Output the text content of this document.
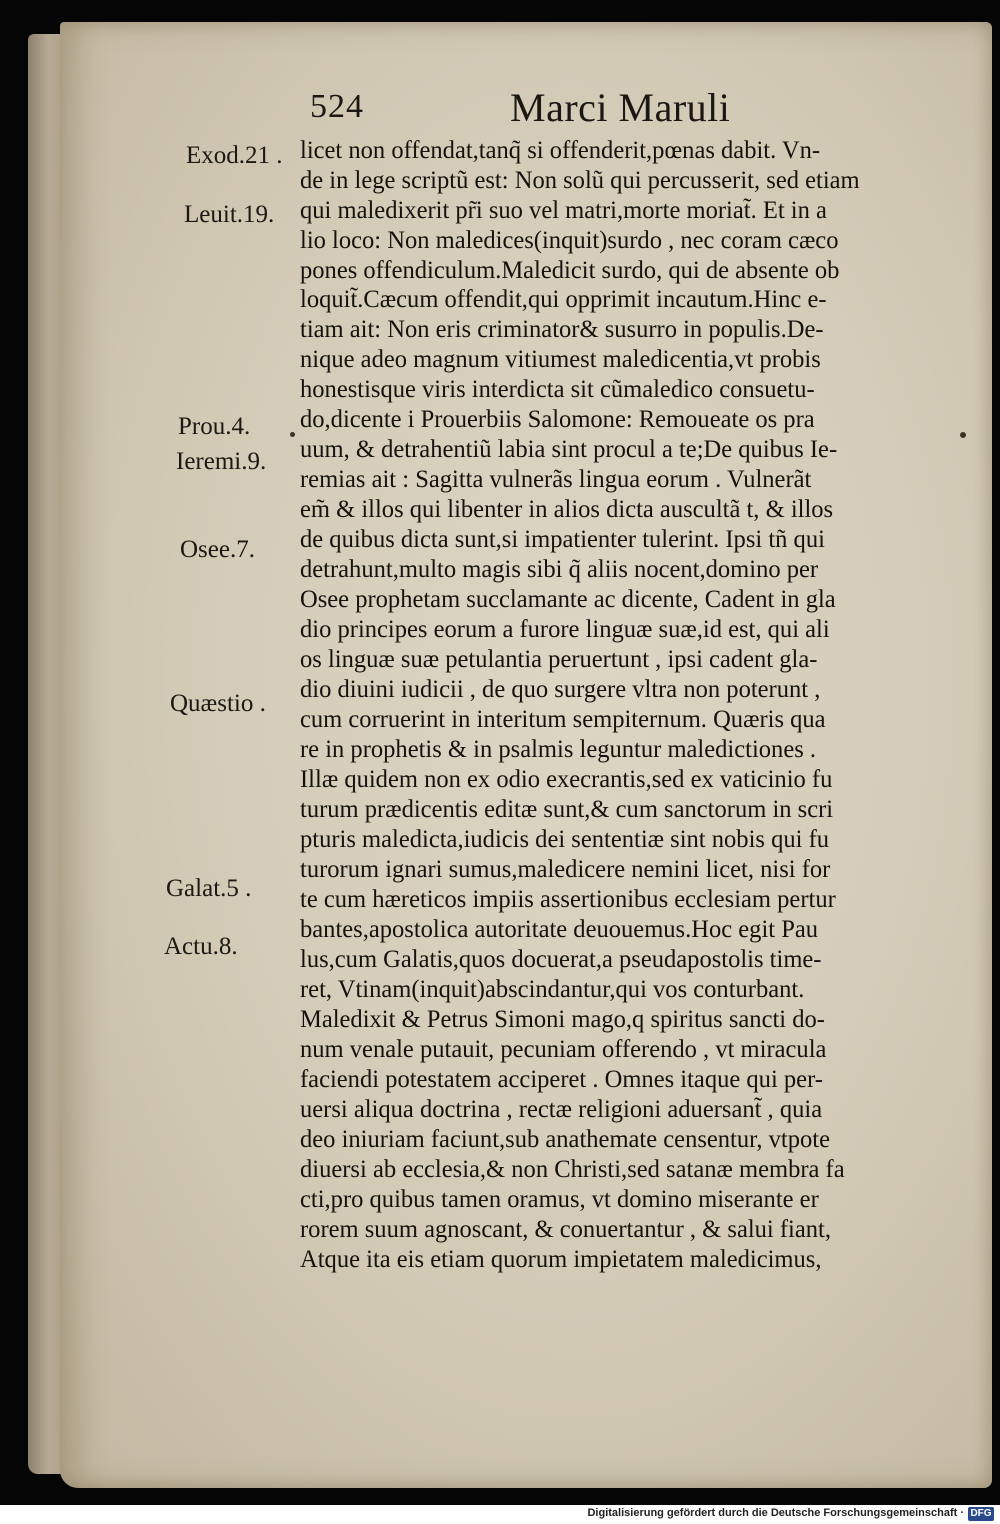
524	Marci Maruli
Exod.21 .
Leuit.19.
Prou.4.
Ieremi.9.
Osee.7.
Quæstio .
Galat.5 .
Actu.8.
licet non offendat,tanq̃ si offenderit,pœnas dabit. Vn-
de in lege scriptũ est: Non solũ qui percusserit, sed etiam
qui maledixerit pr̃i suo vel matri,morte moriat̃. Et in a
lio loco: Non maledices(inquit)surdo , nec coram cæco
pones offendiculum.Maledicit surdo, qui de absente ob
loquit̃.Cæcum offendit,qui opprimit incautum.Hinc e-
tiam ait: Non eris criminator& susurro in populis.De-
nique adeo magnum vitiumest maledicentia,vt probis
honestisque viris interdicta sit cũmaledico consuetu-
do,dicente i Prouerbiis Salomone: Remoueate os pra
uum, & detrahentiũ labia sint procul a te;De quibus Ie-
remias ait : Sagitta vulnerãs lingua eorum . Vulnerãt
em̃ & illos qui libenter in alios dicta auscultã t, & illos
de quibus dicta sunt,si impatienter tulerint. Ipsi tñ qui
detrahunt,multo magis sibi q̃ aliis nocent,domino per
Osee prophetam succlamante ac dicente, Cadent in gla
dio principes eorum a furore linguæ suæ,id est, qui ali
os linguæ suæ petulantia peruertunt , ipsi cadent gla-
dio diuini iudicii , de quo surgere vltra non poterunt ,
cum corruerint in interitum sempiternum. Quæris qua
re in prophetis & in psalmis leguntur maledictiones .
Illæ quidem non ex odio execrantis,sed ex vaticinio fu
turum prædicentis editæ sunt,& cum sanctorum in scri
pturis maledicta,iudicis dei sententiæ sint nobis qui fu
turorum ignari sumus,maledicere nemini licet, nisi for
te cum hæreticos impiis assertionibus ecclesiam pertur
bantes,apostolica autoritate deuouemus.Hoc egit Pau
lus,cum Galatis,quos docuerat,a pseudapostolis time-
ret, Vtinam(inquit)abscindantur,qui vos conturbant.
Maledixit & Petrus Simoni mago,q spiritus sancti do-
num venale putauit, pecuniam offerendo , vt miracula
faciendi potestatem acciperet . Omnes itaque qui per-
uersi aliqua doctrina , rectæ religioni aduersant̃ , quia
deo iniuriam faciunt,sub anathemate censentur, vtpote
diuersi ab ecclesia,& non Christi,sed satanæ membra fa
cti,pro quibus tamen oramus, vt domino miserante er
rorem suum agnoscant, & conuertantur , & salui fiant,
Atque ita eis etiam quorum impietatem maledicimus,
Digitalisierung gefördert durch die Deutsche Forschungsgemeinschaft · DFG
